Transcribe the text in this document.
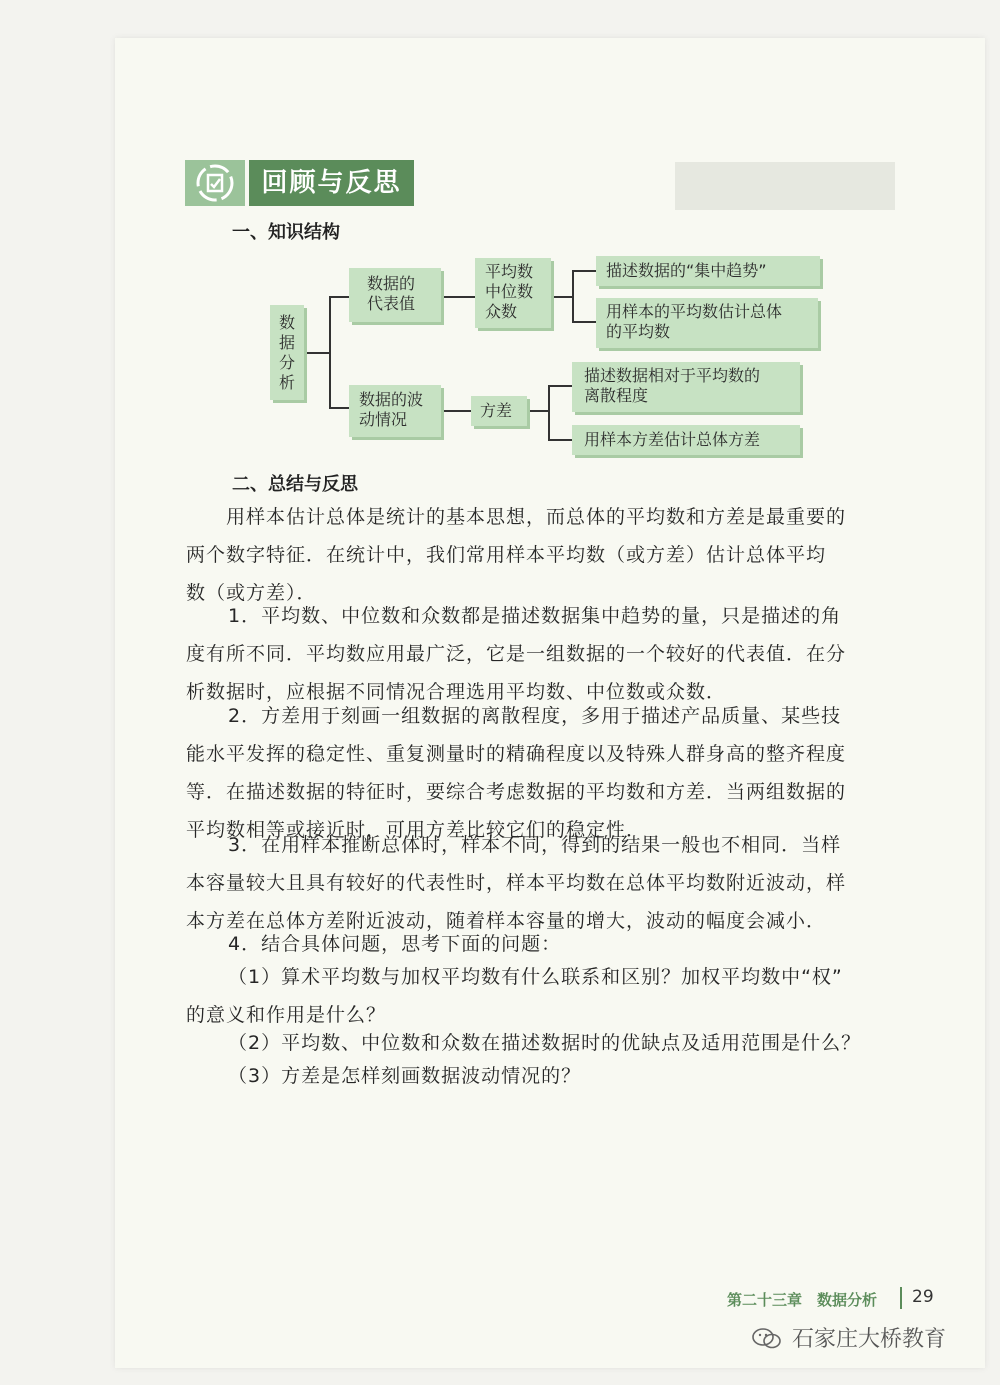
回顾与反思
一、知识结构
数
据
分
析
数据的
代表值
平均数
中位数
众数
描述数据的“集中趋势”
用样本的平均数估计总体
的平均数
数据的波
动情况	方差
描述数据相对于平均数的
离散程度
用样本方差估计总体方差
二、总结与反思
用样本估计总体是统计的基本思想，而总体的平均数和方差是最重要的
两个数字特征．在统计中，我们常用样本平均数（或方差）估计总体平均
数（或方差）．
1．平均数、中位数和众数都是描述数据集中趋势的量，只是描述的角
度有所不同．平均数应用最广泛，它是一组数据的一个较好的代表值．在分
析数据时，应根据不同情况合理选用平均数、中位数或众数．
2．方差用于刻画一组数据的离散程度，多用于描述产品质量、某些技
能水平发挥的稳定性、重复测量时的精确程度以及特殊人群身高的整齐程度
等．在描述数据的特征时，要综合考虑数据的平均数和方差．当两组数据的
平均数相等或接近时，可用方差比较它们的稳定性．
3．在用样本推断总体时，样本不同，得到的结果一般也不相同．当样
本容量较大且具有较好的代表性时，样本平均数在总体平均数附近波动，样
本方差在总体方差附近波动，随着样本容量的增大，波动的幅度会减小．
4．结合具体问题，思考下面的问题：
（1）算术平均数与加权平均数有什么联系和区别？加权平均数中“权”
的意义和作用是什么？
（2）平均数、中位数和众数在描述数据时的优缺点及适用范围是什么？
（3）方差是怎样刻画数据波动情况的？
第二十三章　数据分析 29
石家庄大桥教育
